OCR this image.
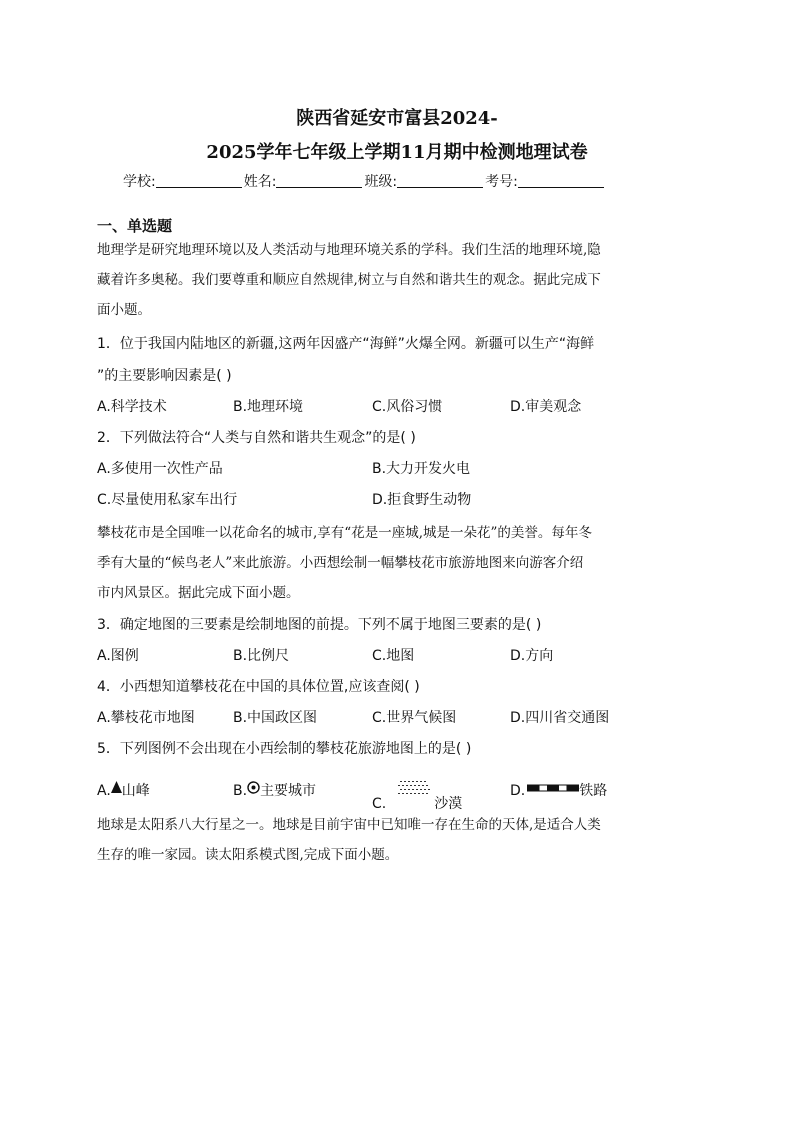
陕西省延安市富县2024-
2025学年七年级上学期11月期中检测地理试卷
学校:	姓名:	班级:	考号:
一、单选题
地理学是研究地理环境以及人类活动与地理环境关系的学科。我们生活的地理环境,隐
藏着许多奥秘。我们要尊重和顺应自然规律,树立与自然和谐共生的观念。据此完成下
面小题。
1．位于我国内陆地区的新疆,这两年因盛产“海鲜”火爆全网。新疆可以生产“海鲜
”的主要影响因素是( )
A.科学技术	B.地理环境	C.风俗习惯	D.审美观念
2．下列做法符合“人类与自然和谐共生观念”的是( )
A.多使用一次性产品	B.大力开发火电
C.尽量使用私家车出行	D.拒食野生动物
攀枝花市是全国唯一以花命名的城市,享有“花是一座城,城是一朵花”的美誉。每年冬
季有大量的“候鸟老人”来此旅游。小西想绘制一幅攀枝花市旅游地图来向游客介绍
市内风景区。据此完成下面小题。
3．确定地图的三要素是绘制地图的前提。下列不属于地图三要素的是( )
A.图例	B.比例尺	C.地图	D.方向
4．小西想知道攀枝花在中国的具体位置,应该查阅( )
A.攀枝花市地图	B.中国政区图	C.世界气候图	D.四川省交通图
5．下列图例不会出现在小西绘制的攀枝花旅游地图上的是( )
A. 山峰	B. 主要城市
C.	沙漠
D.	铁路
地球是太阳系八大行星之一。地球是目前宇宙中已知唯一存在生命的天体,是适合人类
生存的唯一家园。读太阳系模式图,完成下面小题。
